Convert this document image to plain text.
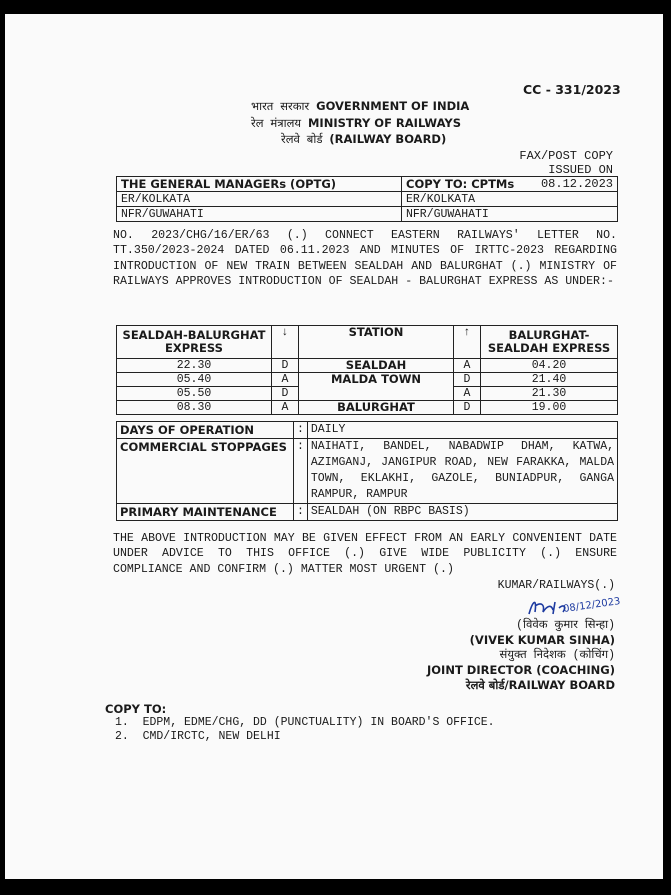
CC - 331/2023
भारत सरकार GOVERNMENT OF INDIA
रेल मंत्रालय MINISTRY OF RAILWAYS
रेलवे बोर्ड (RAILWAY BOARD)
FAX/POST COPY
ISSUED ON 08.12.2023
THE GENERAL MANAGERs (OPTG)	COPY TO: CPTMs
ER/KOLKATA	ER/KOLKATA
NFR/GUWAHATI	NFR/GUWAHATI
NO. 2023/CHG/16/ER/63 (.) CONNECT EASTERN RAILWAYS' LETTER NO. TT.350/2023-2024 DATED 06.11.2023 AND MINUTES OF IRTTC-2023 REGARDING INTRODUCTION OF NEW TRAIN BETWEEN SEALDAH AND BALURGHAT (.) MINISTRY OF RAILWAYS APPROVES INTRODUCTION OF SEALDAH - BALURGHAT EXPRESS AS UNDER:-
SEALDAH-BALURGHAT EXPRESS	↓	STATION	↑	BALURGHAT-SEALDAH EXPRESS
22.30	D	SEALDAH	A	04.20
05.40	A	MALDA TOWN	D	21.40
05.50	D		A	21.30
08.30	A	BALURGHAT	D	19.00
DAYS OF OPERATION	:	DAILY
COMMERCIAL STOPPAGES	:	NAIHATI, BANDEL, NABADWIP DHAM, KATWA, AZIMGANJ, JANGIPUR ROAD, NEW FARAKKA, MALDA TOWN, EKLAKHI, GAZOLE, BUNIADPUR, GANGA RAMPUR, RAMPUR
PRIMARY MAINTENANCE	:	SEALDAH (ON RBPC BASIS)
THE ABOVE INTRODUCTION MAY BE GIVEN EFFECT FROM AN EARLY CONVENIENT DATE UNDER ADVICE TO THIS OFFICE (.) GIVE WIDE PUBLICITY (.) ENSURE COMPLIANCE AND CONFIRM (.) MATTER MOST URGENT (.)
KUMAR/RAILWAYS(.)
08/12/2023
(विवेक कुमार सिन्हा)
(VIVEK KUMAR SINHA)
संयुक्त निदेशक (कोचिंग)
JOINT DIRECTOR (COACHING)
रेलवे बोर्ड/RAILWAY BOARD
COPY TO:
1.  EDPM, EDME/CHG, DD (PUNCTUALITY) IN BOARD'S OFFICE.
2.  CMD/IRCTC, NEW DELHI
